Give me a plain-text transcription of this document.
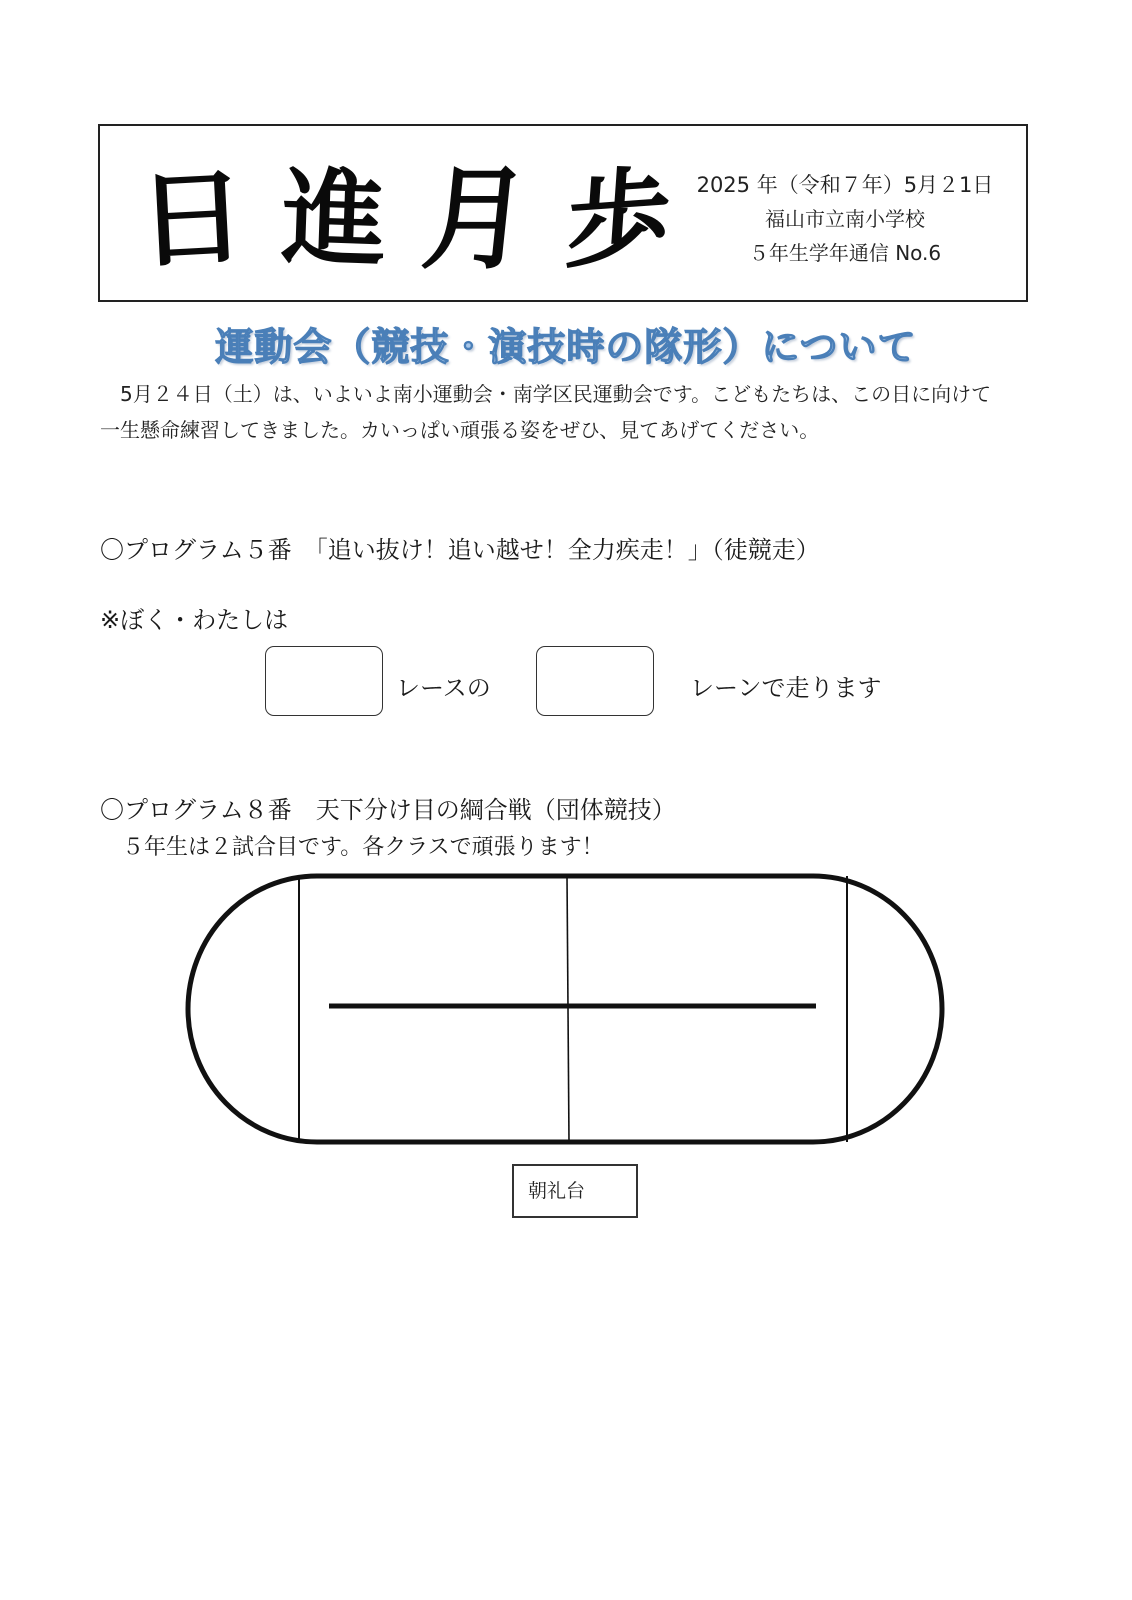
日 進 月 歩	2025 年（令和７年）5月２1日
福山市立南小学校
５年生学年通信 No.6
運動会（競技・演技時の隊形）について

5月２４日（土）は、いよいよ南小運動会・南学区民運動会です。こどもたちは、この日に向けて

一生懸命練習してきました。カいっぱい頑張る姿をぜひ、見てあげてください。

〇プログラム５番　「追い抜け！追い越せ！全力疾走！」（徒競走）
※ぼく・わたしは
レースの	レーンで走ります
〇プログラム８番　天下分け目の綱合戦（団体競技）
５年生は２試合目です。各クラスで頑張ります！
朝礼台
